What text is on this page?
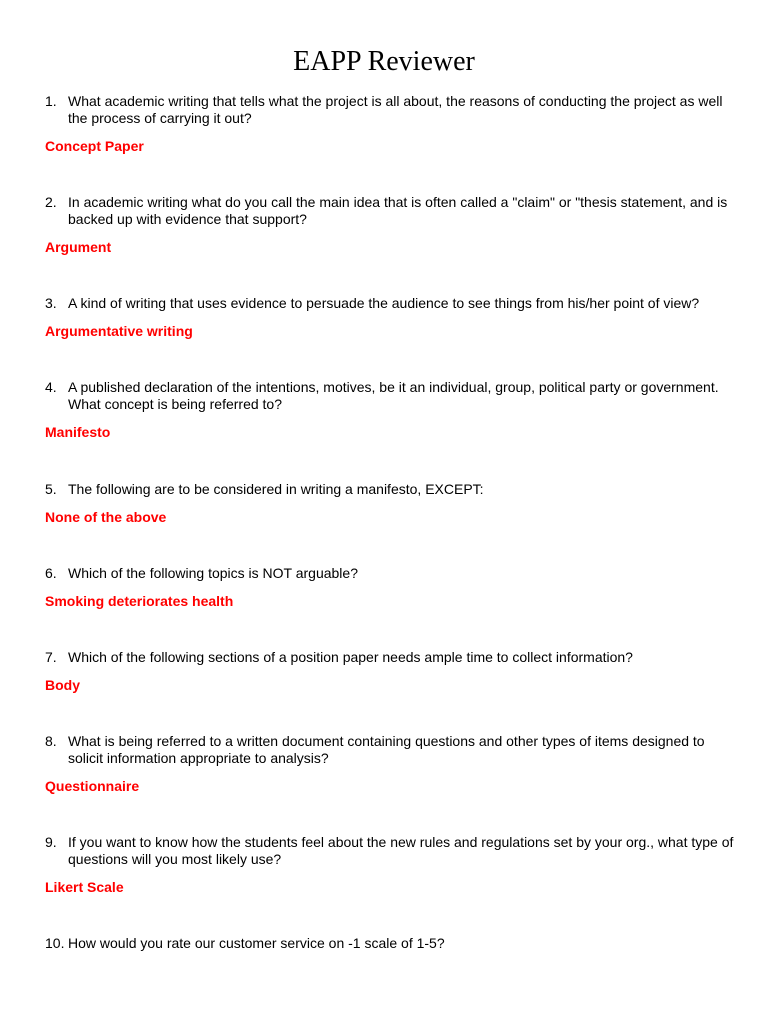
EAPP Reviewer
1. What academic writing that tells what the project is all about, the reasons of conducting the project as well the process of carrying it out?
Concept Paper
2. In academic writing what do you call the main idea that is often called a "claim" or "thesis statement, and is backed up with evidence that support?
Argument
3. A kind of writing that uses evidence to persuade the audience to see things from his/her point of view?
Argumentative writing
4. A published declaration of the intentions, motives, be it an individual, group, political party or government. What concept is being referred to?
Manifesto
5. The following are to be considered in writing a manifesto, EXCEPT:
None of the above
6. Which of the following topics is NOT arguable?
Smoking deteriorates health
7. Which of the following sections of a position paper needs ample time to collect information?
Body
8. What is being referred to a written document containing questions and other types of items designed to solicit information appropriate to analysis?
Questionnaire
9. If you want to know how the students feel about the new rules and regulations set by your org., what type of questions will you most likely use?
Likert Scale
10. How would you rate our customer service on -1 scale of 1-5?
